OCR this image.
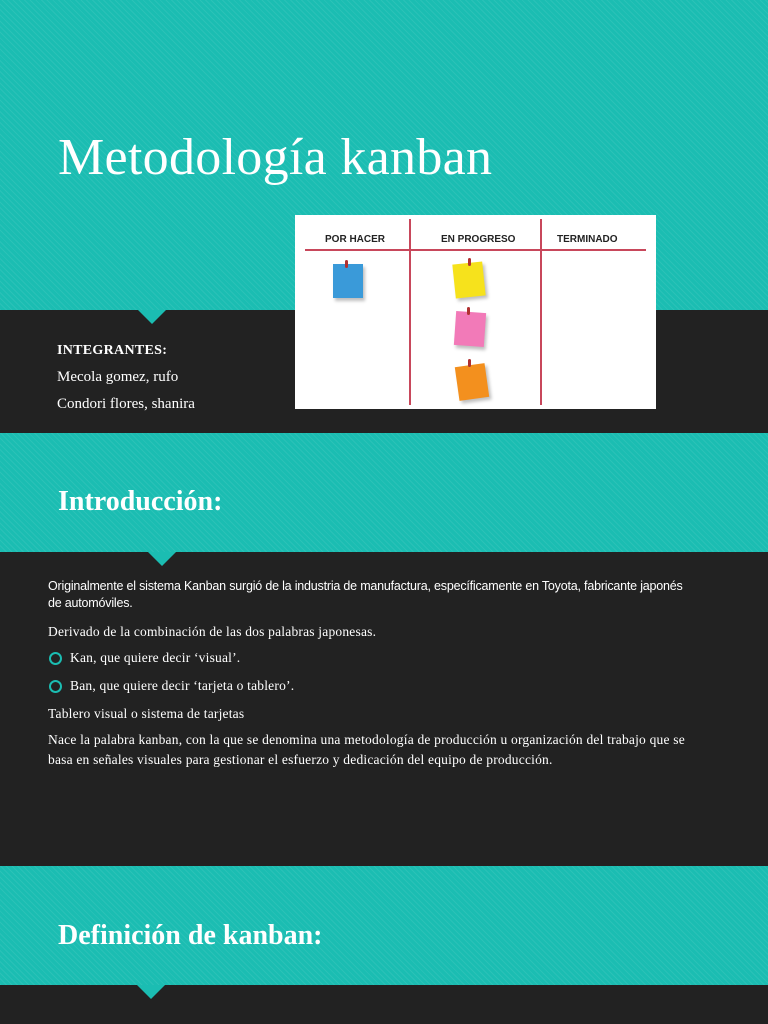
Metodología kanban
INTEGRANTES:
Mecola gomez, rufo
Condori flores, shanira
POR HACER	EN PROGRESO	TERMINADO
Introducción:

Originalmente el sistema Kanban surgió de la industria de manufactura, específicamente en Toyota, fabricante japonés de automóviles.

Derivado de la combinación de las dos palabras japonesas.

Kan, que quiere decir ‘visual’.
Ban, que quiere decir ‘tarjeta o tablero’.

Tablero visual o sistema de tarjetas

Nace la palabra kanban, con la que se denomina una metodología de producción u organización del trabajo que se basa en señales visuales para gestionar el esfuerzo y dedicación del equipo de producción.

Definición de kanban:
